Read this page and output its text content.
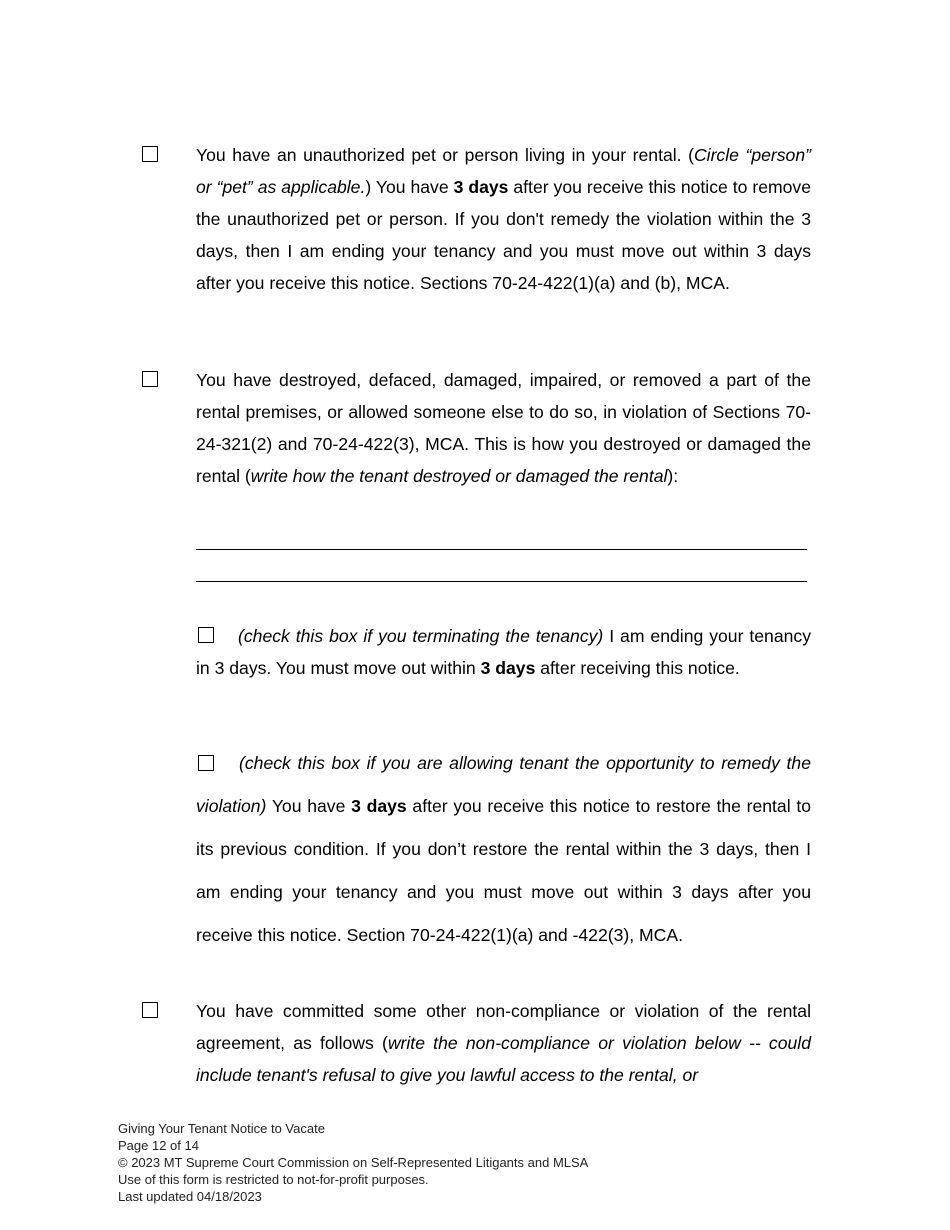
You have an unauthorized pet or person living in your rental. (Circle “person” or “pet” as applicable.) You have 3 days after you receive this notice to remove the unauthorized pet or person. If you don't remedy the violation within the 3 days, then I am ending your tenancy and you must move out within 3 days after you receive this notice. Sections 70-24-422(1)(a) and (b), MCA.

You have destroyed, defaced, damaged, impaired, or removed a part of the rental premises, or allowed someone else to do so, in violation of Sections 70-24-321(2) and 70-24-422(3), MCA. This is how you destroyed or damaged the rental (write how the tenant destroyed or damaged the rental):

(check this box if you terminating the tenancy) I am ending your tenancy in 3 days. You must move out within 3 days after receiving this notice.

(check this box if you are allowing tenant the opportunity to remedy the violation) You have 3 days after you receive this notice to restore the rental to its previous condition. If you don’t restore the rental within the 3 days, then I am ending your tenancy and you must move out within 3 days after you receive this notice. Section 70-24-422(1)(a) and -422(3), MCA.

You have committed some other non-compliance or violation of the rental agreement, as follows (write the non-compliance or violation below -- could include tenant's refusal to give you lawful access to the rental, or

Giving Your Tenant Notice to Vacate
Page 12 of 14
© 2023 MT Supreme Court Commission on Self-Represented Litigants and MLSA
Use of this form is restricted to not-for-profit purposes.
Last updated 04/18/2023
